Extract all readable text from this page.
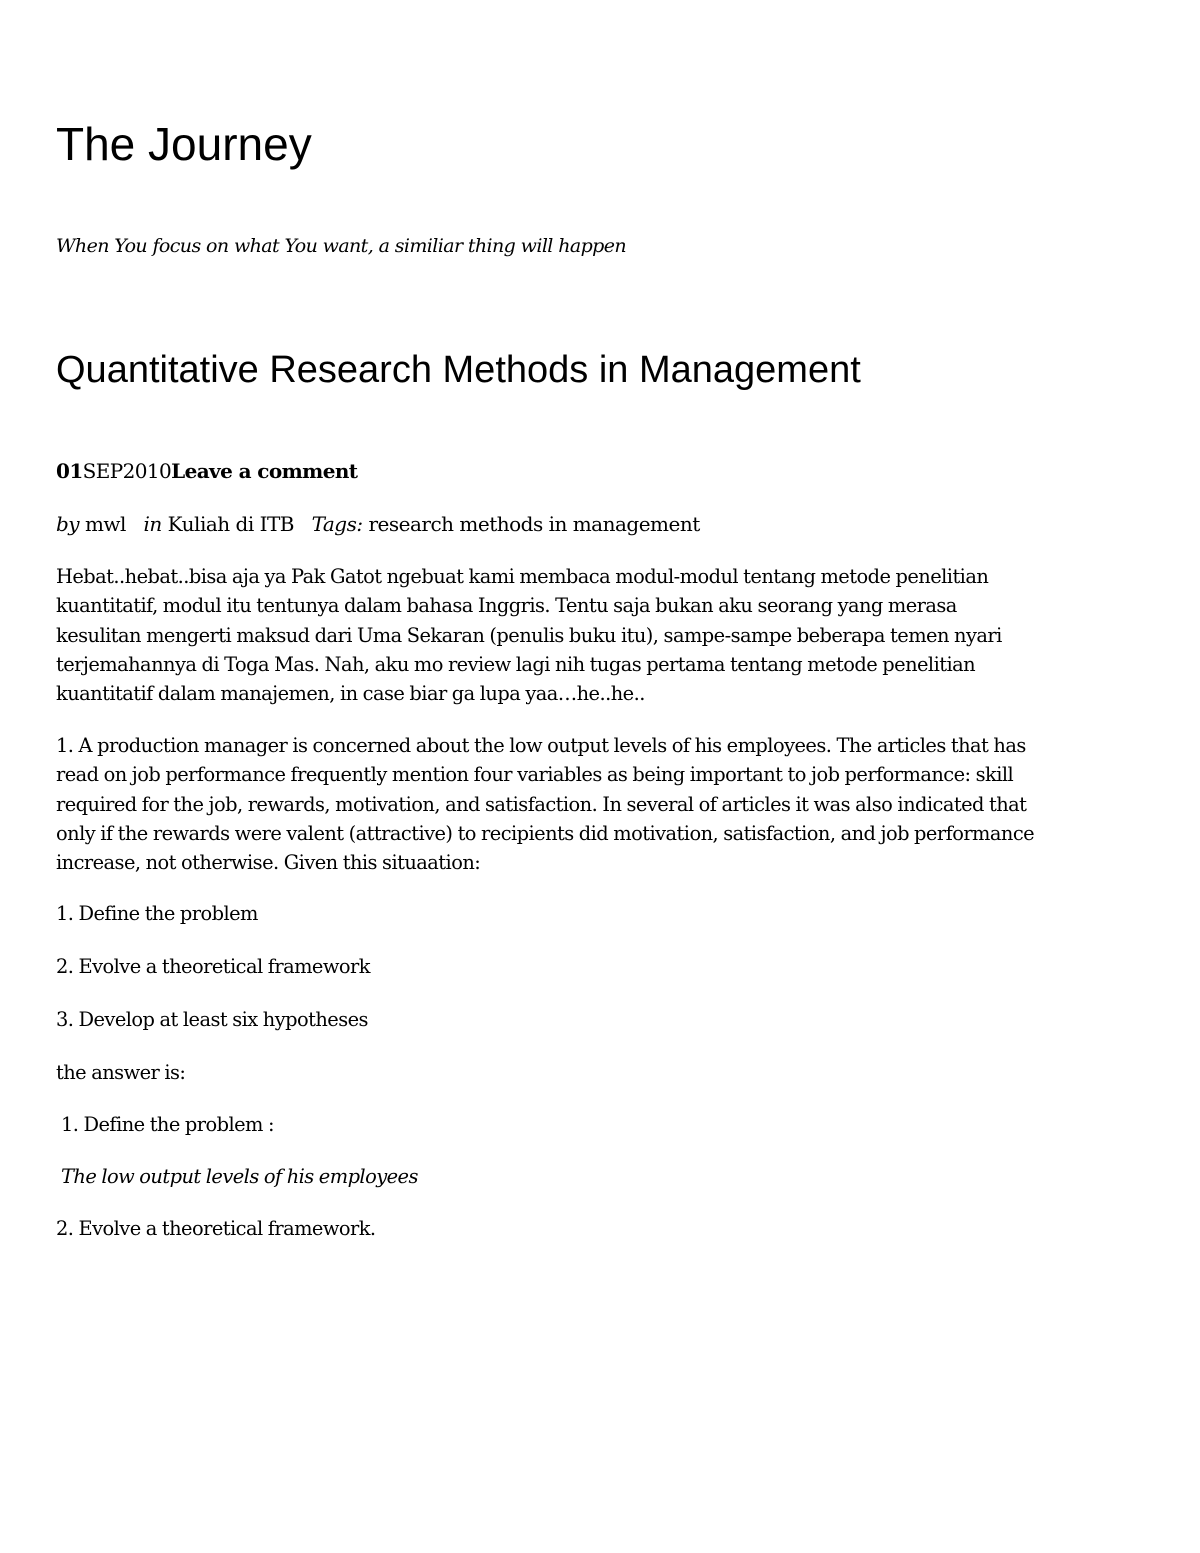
The Journey

When You focus on what You want, a similiar thing will happen

Quantitative Research Methods in Management
01SEP2010Leave a comment
by mwl in Kuliah di ITB Tags: research methods in management
Hebat..hebat..bisa aja ya Pak Gatot ngebuat kami membaca modul-modul tentang metode penelitian
kuantitatif, modul itu tentunya dalam bahasa Inggris. Tentu saja bukan aku seorang yang merasa
kesulitan mengerti maksud dari Uma Sekaran (penulis buku itu), sampe-sampe beberapa temen nyari
terjemahannya di Toga Mas. Nah, aku mo review lagi nih tugas pertama tentang metode penelitian
kuantitatif dalam manajemen, in case biar ga lupa yaa…he..he..
1. A production manager is concerned about the low output levels of his employees. The articles that has
read on job performance frequently mention four variables as being important to job performance: skill
required for the job, rewards, motivation, and satisfaction. In several of articles it was also indicated that
only if the rewards were valent (attractive) to recipients did motivation, satisfaction, and job performance
increase, not otherwise. Given this situaation:
1. Define the problem
2. Evolve a theoretical framework
3. Develop at least six hypotheses
the answer is:
1. Define the problem :
The low output levels of his employees
2. Evolve a theoretical framework.
